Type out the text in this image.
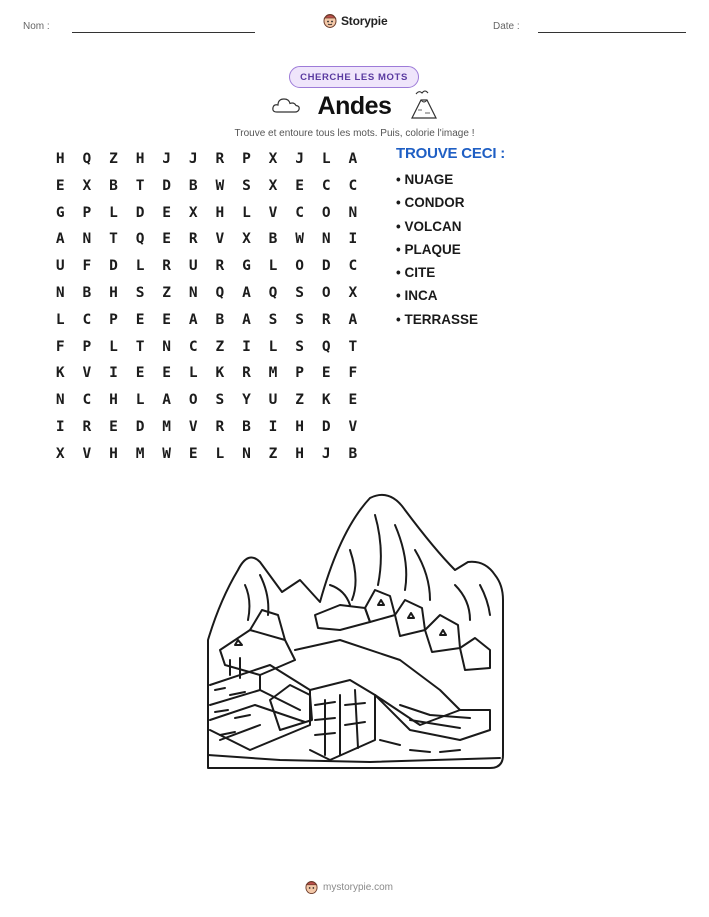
Nom :	Storypie	Date :
CHERCHE LES MOTS
Andes
Trouve et entoure tous les mots. Puis, colorie l'image !
H	Q	Z	H	J	J	R	P	X	J	L	A
E	X	B	T	D	B	W	S	X	E	C	C
G	P	L	D	E	X	H	L	V	C	O	N
A	N	T	Q	E	R	V	X	B	W	N	I
U	F	D	L	R	U	R	G	L	O	D	C
N	B	H	S	Z	N	Q	A	Q	S	O	X
L	C	P	E	E	A	B	A	S	S	R	A
F	P	L	T	N	C	Z	I	L	S	Q	T
K	V	I	E	E	L	K	R	M	P	E	F
N	C	H	L	A	O	S	Y	U	Z	K	E
I	R	E	D	M	V	R	B	I	H	D	V
X	V	H	M	W	E	L	N	Z	H	J	B
TROUVE CECI :
• NUAGE
• CONDOR
• VOLCAN
• PLAQUE
• CITE
• INCA
• TERRASSE
mystorypie.com
